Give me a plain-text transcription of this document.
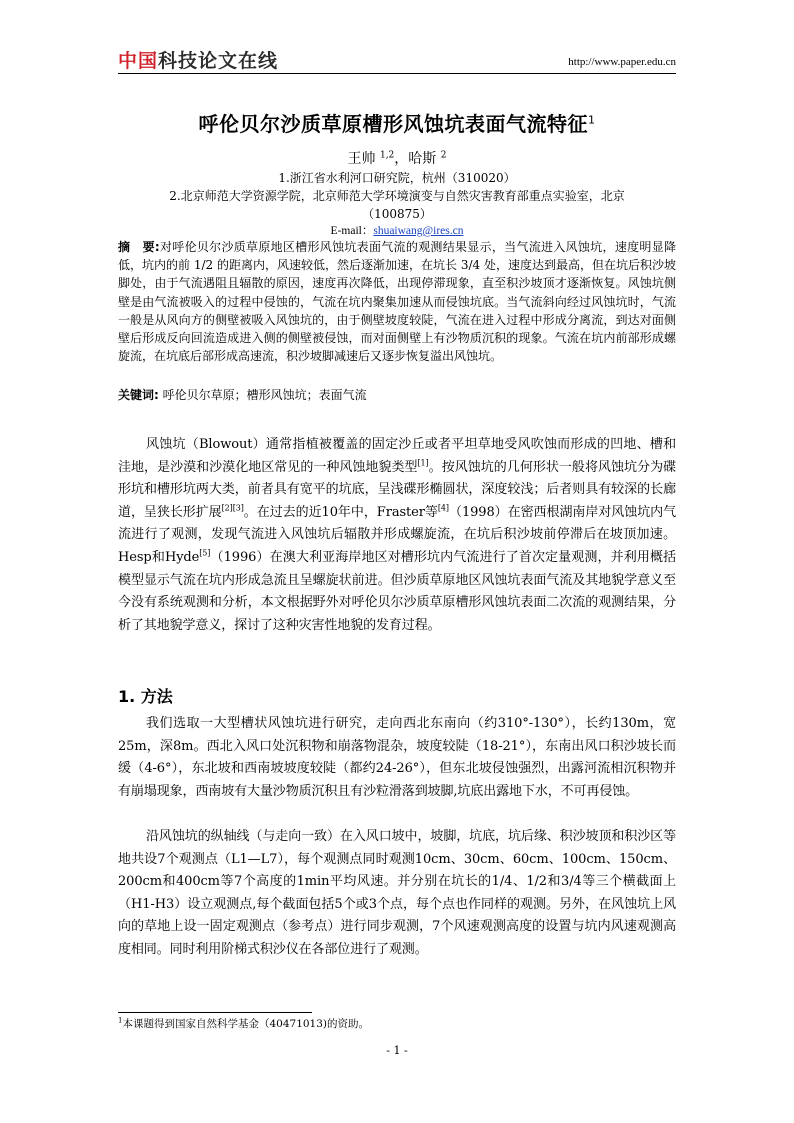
中国科技论文在线	http://www.paper.edu.cn
呼伦贝尔沙质草原槽形风蚀坑表面气流特征$^1$
王帅 $^{1,2}$，哈斯 $^2$
1.浙江省水利河口研究院，杭州（310020）
2.北京师范大学资源学院，北京师范大学环境演变与自然灾害教育部重点实验室，北京
（100875）
E-mail：shuaiwang@ires.cn
摘　要:对呼伦贝尔沙质草原地区槽形风蚀坑表面气流的观测结果显示，当气流进入风蚀坑，速度明显降低，坑内的前 1/2 的距离内，风速较低，然后逐渐加速，在坑长 3/4 处，速度达到最高，但在坑后积沙坡脚处，由于气流遇阻且辐散的原因，速度再次降低，出现停滞现象，直至积沙坡顶才逐渐恢复。风蚀坑侧壁是由气流被吸入的过程中侵蚀的，气流在坑内聚集加速从而侵蚀坑底。当气流斜向经过风蚀坑时，气流一般是从风向方的侧壁被吸入风蚀坑的，由于侧壁坡度较陡，气流在进入过程中形成分离流，到达对面侧壁后形成反向回流造成进入侧的侧壁被侵蚀，而对面侧壁上有沙物质沉积的现象。气流在坑内前部形成螺旋流，在坑底后部形成高速流，积沙坡脚减速后又逐步恢复溢出风蚀坑。
关键词: 呼伦贝尔草原；槽形风蚀坑；表面气流
风蚀坑（Blowout）通常指植被覆盖的固定沙丘或者平坦草地受风吹蚀而形成的凹地、槽和洼地，是沙漠和沙漠化地区常见的一种风蚀地貌类型[1]。按风蚀坑的几何形状一般将风蚀坑分为碟形坑和槽形坑两大类，前者具有宽平的坑底，呈浅碟形椭圆状，深度较浅；后者则具有较深的长廊道，呈狭长形扩展[2][3]。在过去的近10年中，Fraster等[4]（1998）在密西根湖南岸对风蚀坑内气流进行了观测，发现气流进入风蚀坑后辐散并形成螺旋流，在坑后积沙坡前停滞后在坡顶加速。Hesp和Hyde[5]（1996）在澳大利亚海岸地区对槽形坑内气流进行了首次定量观测，并利用概括模型显示气流在坑内形成急流且呈螺旋状前进。但沙质草原地区风蚀坑表面气流及其地貌学意义至今没有系统观测和分析，本文根据野外对呼伦贝尔沙质草原槽形风蚀坑表面二次流的观测结果，分析了其地貌学意义，探讨了这种灾害性地貌的发育过程。
1. 方法
我们选取一大型槽状风蚀坑进行研究，走向西北东南向（约310°-130°），长约130m，宽25m，深8m。西北入风口处沉积物和崩落物混杂，坡度较陡（18-21°），东南出风口积沙坡长而缓（4-6°），东北坡和西南坡坡度较陡（都约24-26°），但东北坡侵蚀强烈，出露河流相沉积物并有崩塌现象，西南坡有大量沙物质沉积且有沙粒滑落到坡脚,坑底出露地下水，不可再侵蚀。
沿风蚀坑的纵轴线（与走向一致）在入风口坡中，坡脚，坑底，坑后缘、积沙坡顶和积沙区等地共设7个观测点（L1—L7），每个观测点同时观测10cm、30cm、60cm、100cm、150cm、200cm和400cm等7个高度的1min平均风速。并分别在坑长的1/4、1/2和3/4等三个横截面上（H1-H3）设立观测点,每个截面包括5个或3个点，每个点也作同样的观测。另外，在风蚀坑上风向的草地上设一固定观测点（参考点）进行同步观测，7个风速观测高度的设置与坑内风速观测高度相同。同时利用阶梯式积沙仪在各部位进行了观测。
$^1$本课题得到国家自然科学基金（40471013)的资助。
- 1 -
